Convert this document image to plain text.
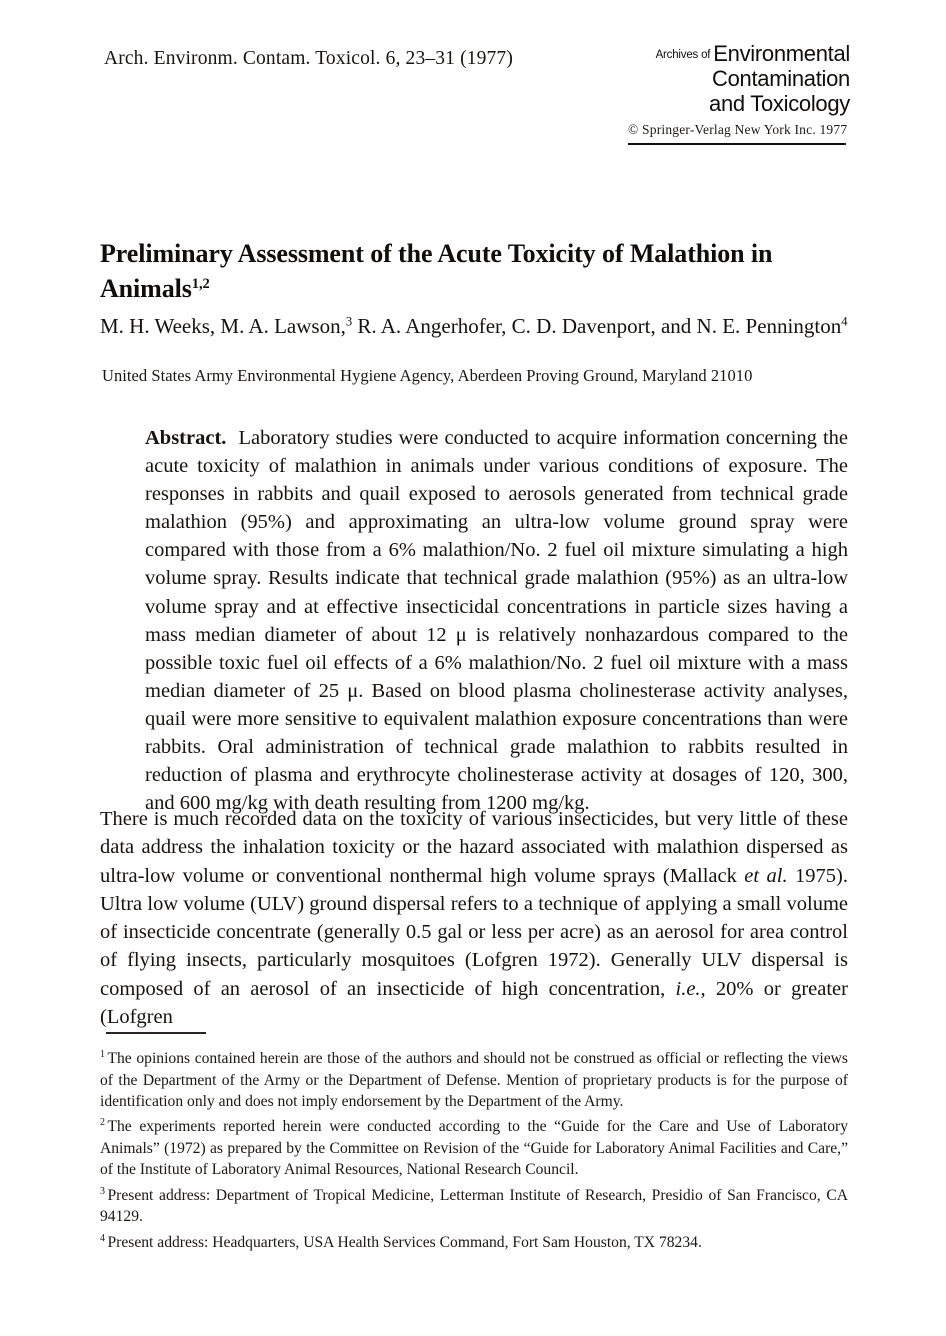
Arch. Environm. Contam. Toxicol. 6, 23–31 (1977)	Archives of Environmental
Contamination
and Toxicology
© Springer-Verlag New York Inc. 1977
Preliminary Assessment of the Acute Toxicity of Malathion in Animals$^{1,2}$
M. H. Weeks, M. A. Lawson,$^3$ R. A. Angerhofer, C. D. Davenport, and N. E. Pennington$^4$
United States Army Environmental Hygiene Agency, Aberdeen Proving Ground, Maryland 21010
Abstract. Laboratory studies were conducted to acquire information concerning the acute toxicity of malathion in animals under various conditions of exposure. The responses in rabbits and quail exposed to aerosols generated from technical grade malathion (95%) and approximating an ultra-low volume ground spray were compared with those from a 6% malathion/No. 2 fuel oil mixture simulating a high volume spray. Results indicate that technical grade malathion (95%) as an ultra-low volume spray and at effective insecticidal concentrations in particle sizes having a mass median diameter of about 12 μ is relatively nonhazardous compared to the possible toxic fuel oil effects of a 6% malathion/No. 2 fuel oil mixture with a mass median diameter of 25 μ. Based on blood plasma cholinesterase activity analyses, quail were more sensitive to equivalent malathion exposure concentrations than were rabbits. Oral administration of technical grade malathion to rabbits resulted in reduction of plasma and erythrocyte cholinesterase activity at dosages of 120, 300, and 600 mg/kg with death resulting from 1200 mg/kg.
There is much recorded data on the toxicity of various insecticides, but very little of these data address the inhalation toxicity or the hazard associated with malathion dispersed as ultra-low volume or conventional nonthermal high volume sprays (Mallack et al. 1975). Ultra low volume (ULV) ground dispersal refers to a technique of applying a small volume of insecticide concentrate (generally 0.5 gal or less per acre) as an aerosol for area control of flying insects, particularly mosquitoes (Lofgren 1972). Generally ULV dispersal is composed of an aerosol of an insecticide of high concentration, i.e., 20% or greater (Lofgren

$^1$ The opinions contained herein are those of the authors and should not be construed as official or reflecting the views of the Department of the Army or the Department of Defense. Mention of proprietary products is for the purpose of identification only and does not imply endorsement by the Department of the Army.

$^2$ The experiments reported herein were conducted according to the “Guide for the Care and Use of Laboratory Animals” (1972) as prepared by the Committee on Revision of the “Guide for Laboratory Animal Facilities and Care,” of the Institute of Laboratory Animal Resources, National Research Council.

$^3$ Present address: Department of Tropical Medicine, Letterman Institute of Research, Presidio of San Francisco, CA 94129.

$^4$ Present address: Headquarters, USA Health Services Command, Fort Sam Houston, TX 78234.
